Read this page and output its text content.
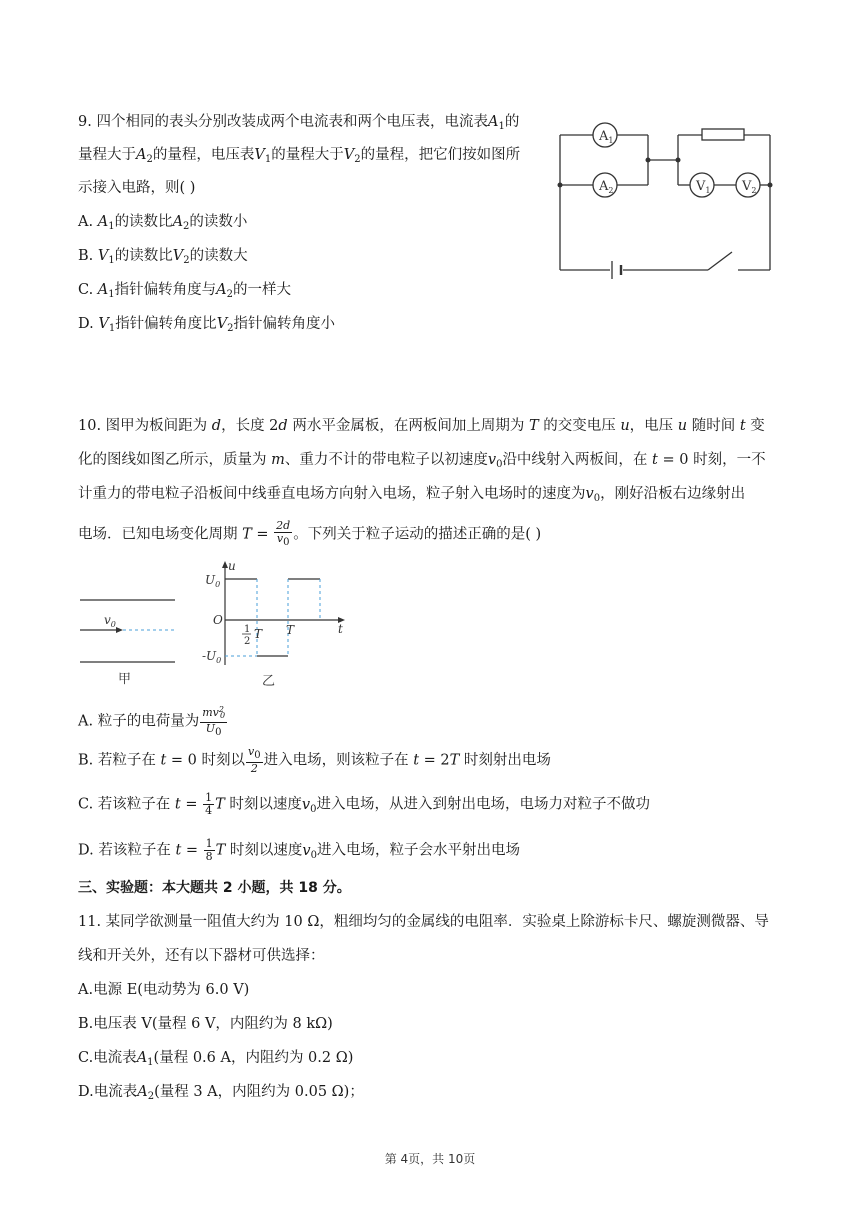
9. 四个相同的表头分别改装成两个电流表和两个电压表，电流表$A_1$的
量程大于$A_2$的量程，电压表$V_1$的量程大于$V_2$的量程，把它们按如图所
示接入电路，则( )
A. $A_1$的读数比$A_2$的读数小
B. $V_1$的读数比$V_2$的读数大
C. $A_1$指针偏转角度与$A_2$的一样大
D. $V_1$指针偏转角度比$V_2$指针偏转角度小
$A_1$
$A_2$	$V_1$ $V_2$
10. 图甲为板间距为 d，长度 2d 两水平金属板，在两板间加上周期为 T 的交变电压 u，电压 u 随时间 t 变
化的图线如图乙所示，质量为 m、重力不计的带电粒子以初速度$v_0$沿中线射入两板间，在 t = 0 时刻，一不
计重力的带电粒子沿板间中线垂直电场方向射入电场，粒子射入电场时的速度为$v_0$，刚好沿板右边缘射出
电场．已知电场变化周期 $T = \frac{2d}{v0}$ 。下列关于粒子运动的描述正确的是( )
$v_0$
甲
u
t
$U_0$
O
$-U_0$
1
2
T T
乙
A. 粒子的电荷量为 $\frac{mv^20}{U0}$
B. 若粒子在 t = 0 时刻以 $\frac{v0}{2}$ 进入电场，则该粒子在 t = 2T 时刻射出电场
C. 若该粒子在 $t = \frac{1}{4}$ T 时刻以速度$v_0$进入电场，从进入到射出电场，电场力对粒子不做功
D. 若该粒子在 $t = \frac{1}{8}$ T 时刻以速度$v_0$进入电场，粒子会水平射出电场
三、实验题：本大题共 2 小题，共 18 分。
11. 某同学欲测量一阻值大约为 10 Ω，粗细均匀的金属线的电阻率．实验桌上除游标卡尺、螺旋测微器、导
线和开关外，还有以下器材可供选择：
A.电源 E(电动势为 6.0 V)
B.电压表 V(量程 6 V，内阻约为 8 kΩ)
C.电流表$A_1$(量程 0.6 A，内阻约为 0.2 Ω)
D.电流表$A_2$(量程 3 A，内阻约为 0.05 Ω)；
第 4页，共 10页
